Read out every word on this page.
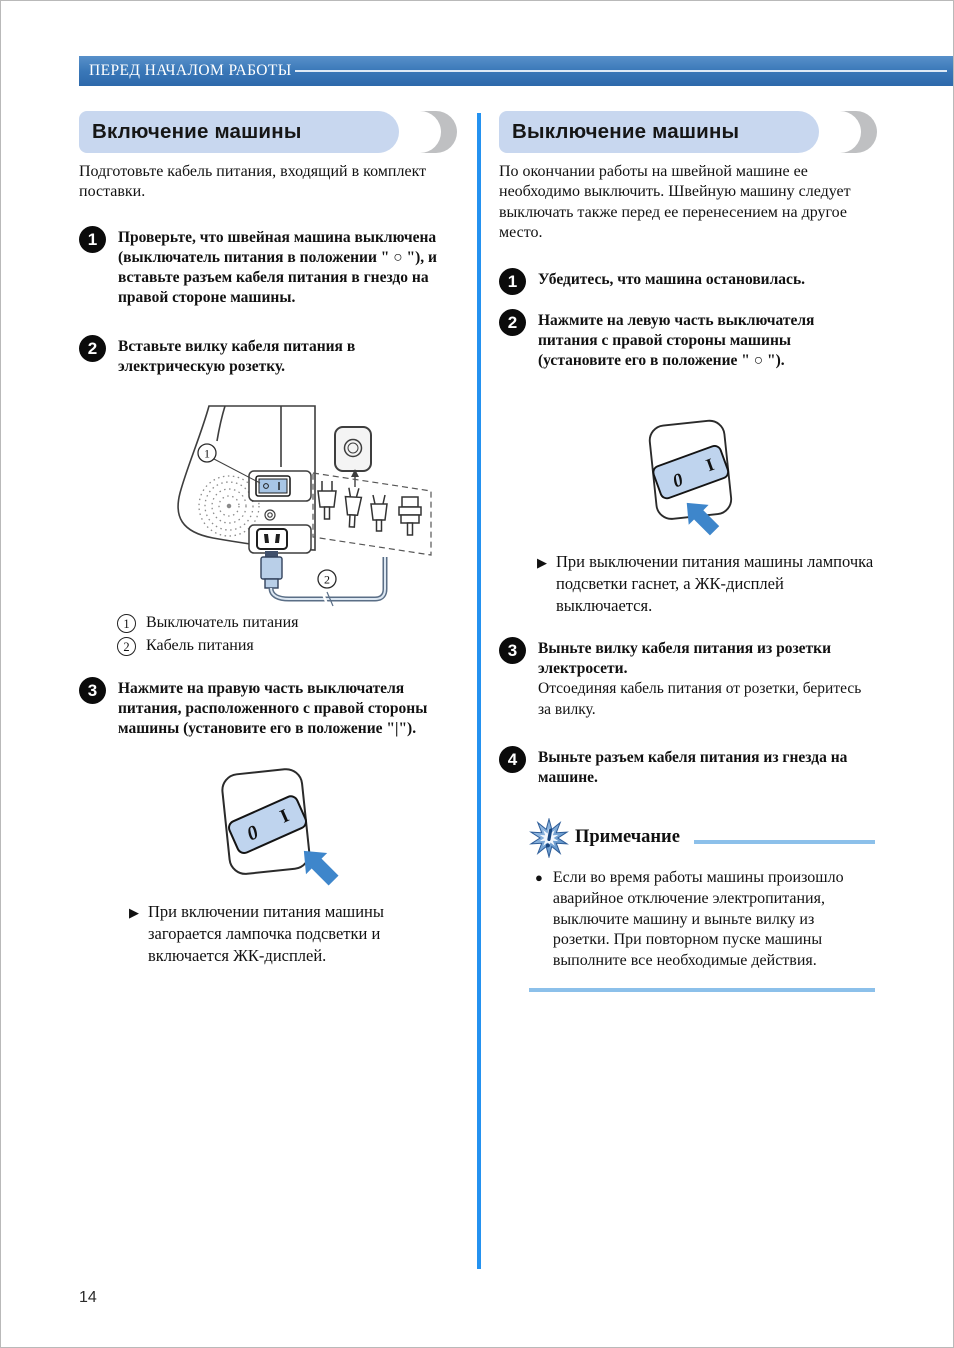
ПЕРЕД НАЧАЛОМ РАБОТЫ
Включение машины
Подготовьте кабель питания, входящий в комплект поставки.
1	Проверьте, что швейная машина выключена (выключатель питания в положении " ○ "), и вставьте разъем кабеля питания в гнездо на правой стороне машины.
2	Вставьте вилку кабеля питания в электрическую розетку.
1
2
1	Выключатель питания
2	Кабель питания
3	Нажмите на правую часть выключателя питания, расположенного с правой стороны машины (установите его в положение "|").
0
I
▶ При включении питания машины загорается лампочка подсветки и включается ЖК-дисплей.
Выключение машины
По окончании работы на швейной машине ее необходимо выключить. Швейную машину следует выключать также перед ее перенесением на другое место.
1	Убедитесь, что машина остановилась.
2	Нажмите на левую часть выключателя питания с правой стороны машины (установите его в положение " ○ ").
0
I
▶ При выключении питания машины лампочка подсветки гаснет, а ЖК-дисплей выключается.
3	Выньте вилку кабеля питания из розетки электросети.
Отсоединяя кабель питания от розетки, беритесь за вилку.
4	Выньте разъем кабеля питания из гнезда на машине.
Примечание
● Если во время работы машины произошло аварийное отключение электропитания, выключите машину и выньте вилку из розетки. При повторном пуске машины выполните все необходимые действия.
14
